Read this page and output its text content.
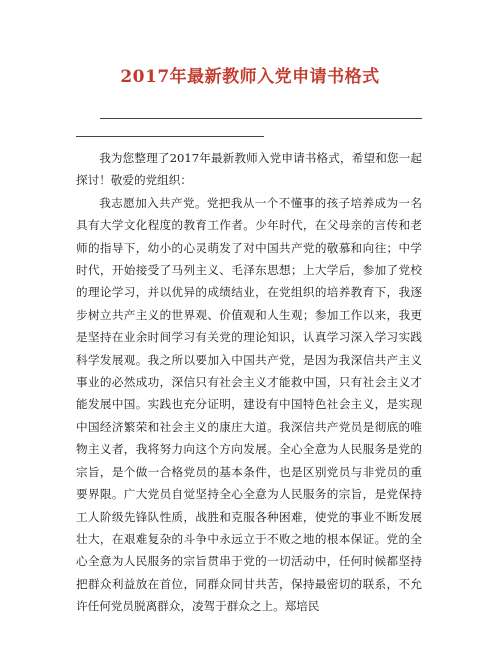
2017年最新教师入党申请书格式

我为您整理了2017年最新教师入党申请书格式，希望和您一起探讨！敬爱的党组织：

我志愿加入共产党。党把我从一个不懂事的孩子培养成为一名具有大学文化程度的教育工作者。少年时代，在父母亲的言传和老师的指导下，幼小的心灵萌发了对中国共产党的敬慕和向往；中学时代，开始接受了马列主义、毛泽东思想；上大学后，参加了党校的理论学习，并以优异的成绩结业，在党组织的培养教育下，我逐步树立共产主义的世界观、价值观和人生观；参加工作以来，我更是坚持在业余时间学习有关党的理论知识，认真学习深入学习实践科学发展观。我之所以要加入中国共产党，是因为我深信共产主义事业的必然成功，深信只有社会主义才能救中国，只有社会主义才能发展中国。实践也充分证明，建设有中国特色社会主义，是实现中国经济繁荣和社会主义的康庄大道。我深信共产党员是彻底的唯物主义者，我将努力向这个方向发展。全心全意为人民服务是党的宗旨，是个做一合格党员的基本条件，也是区别党员与非党员的重要界限。广大党员自觉坚持全心全意为人民服务的宗旨，是党保持工人阶级先锋队性质，战胜和克服各种困难，使党的事业不断发展壮大，在艰难复杂的斗争中永远立于不败之地的根本保证。党的全心全意为人民服务的宗旨贯串于党的一切活动中，任何时候都坚持把群众利益放在首位，同群众同甘共苦，保持最密切的联系，不允许任何党员脱离群众，凌驾于群众之上。郑培民
